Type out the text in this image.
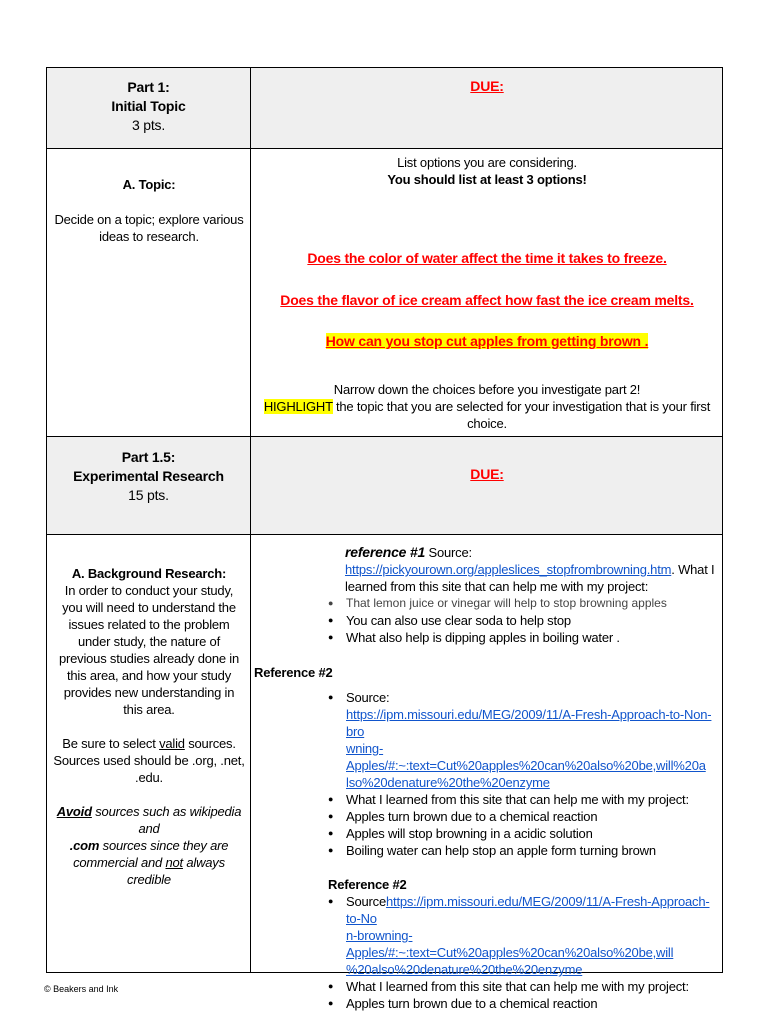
Part 1:
Initial Topic
3 pts.
DUE:
A. Topic:
Decide on a topic; explore various
ideas to research.
List options you are considering.
You should list at least 3 options!
Does the color of water affect the time it takes to freeze.
Does the flavor of ice cream affect how fast the ice cream melts.
How can you stop cut apples from getting brown .
Narrow down the choices before you investigate part 2!
HIGHLIGHT the topic that you are selected for your investigation that is your first choice.
Part 1.5:
Experimental Research
15 pts.
DUE:
A. Background Research:
In order to conduct your study,
you will need to understand the
issues related to the problem
under study, the nature of
previous studies already done in
this area, and how your study
provides new understanding in
this area.
Be sure to select valid sources.
Sources used should be .org, .net,
.edu.
Avoid sources such as wikipedia and
.com sources since they are
commercial and not always
credible
reference #1 Source:
https://pickyourown.org/appleslices_stopfrombrowning.htm. What I
learned from this site that can help me with my project:
● That lemon juice or vinegar will help to stop browning apples
● You can also use clear soda to help stop
● What also help is dipping apples in boiling water .
Reference #2
● Source:
https://ipm.missouri.edu/MEG/2009/11/A-Fresh-Approach-to-Non-bro
wning-Apples/#:~:text=Cut%20apples%20can%20also%20be,will%20a
lso%20denature%20the%20enzyme
● What I learned from this site that can help me with my project:
● Apples turn brown due to a chemical reaction
● Apples will stop browning in a acidic solution
● Boiling water can help stop an apple form turning brown
Reference #2
● Sourcehttps://ipm.missouri.edu/MEG/2009/11/A-Fresh-Approach-to-No
n-browning-Apples/#:~:text=Cut%20apples%20can%20also%20be,will
%20also%20denature%20the%20enzyme
● What I learned from this site that can help me with my project:
● Apples turn brown due to a chemical reaction
© Beakers and Ink
